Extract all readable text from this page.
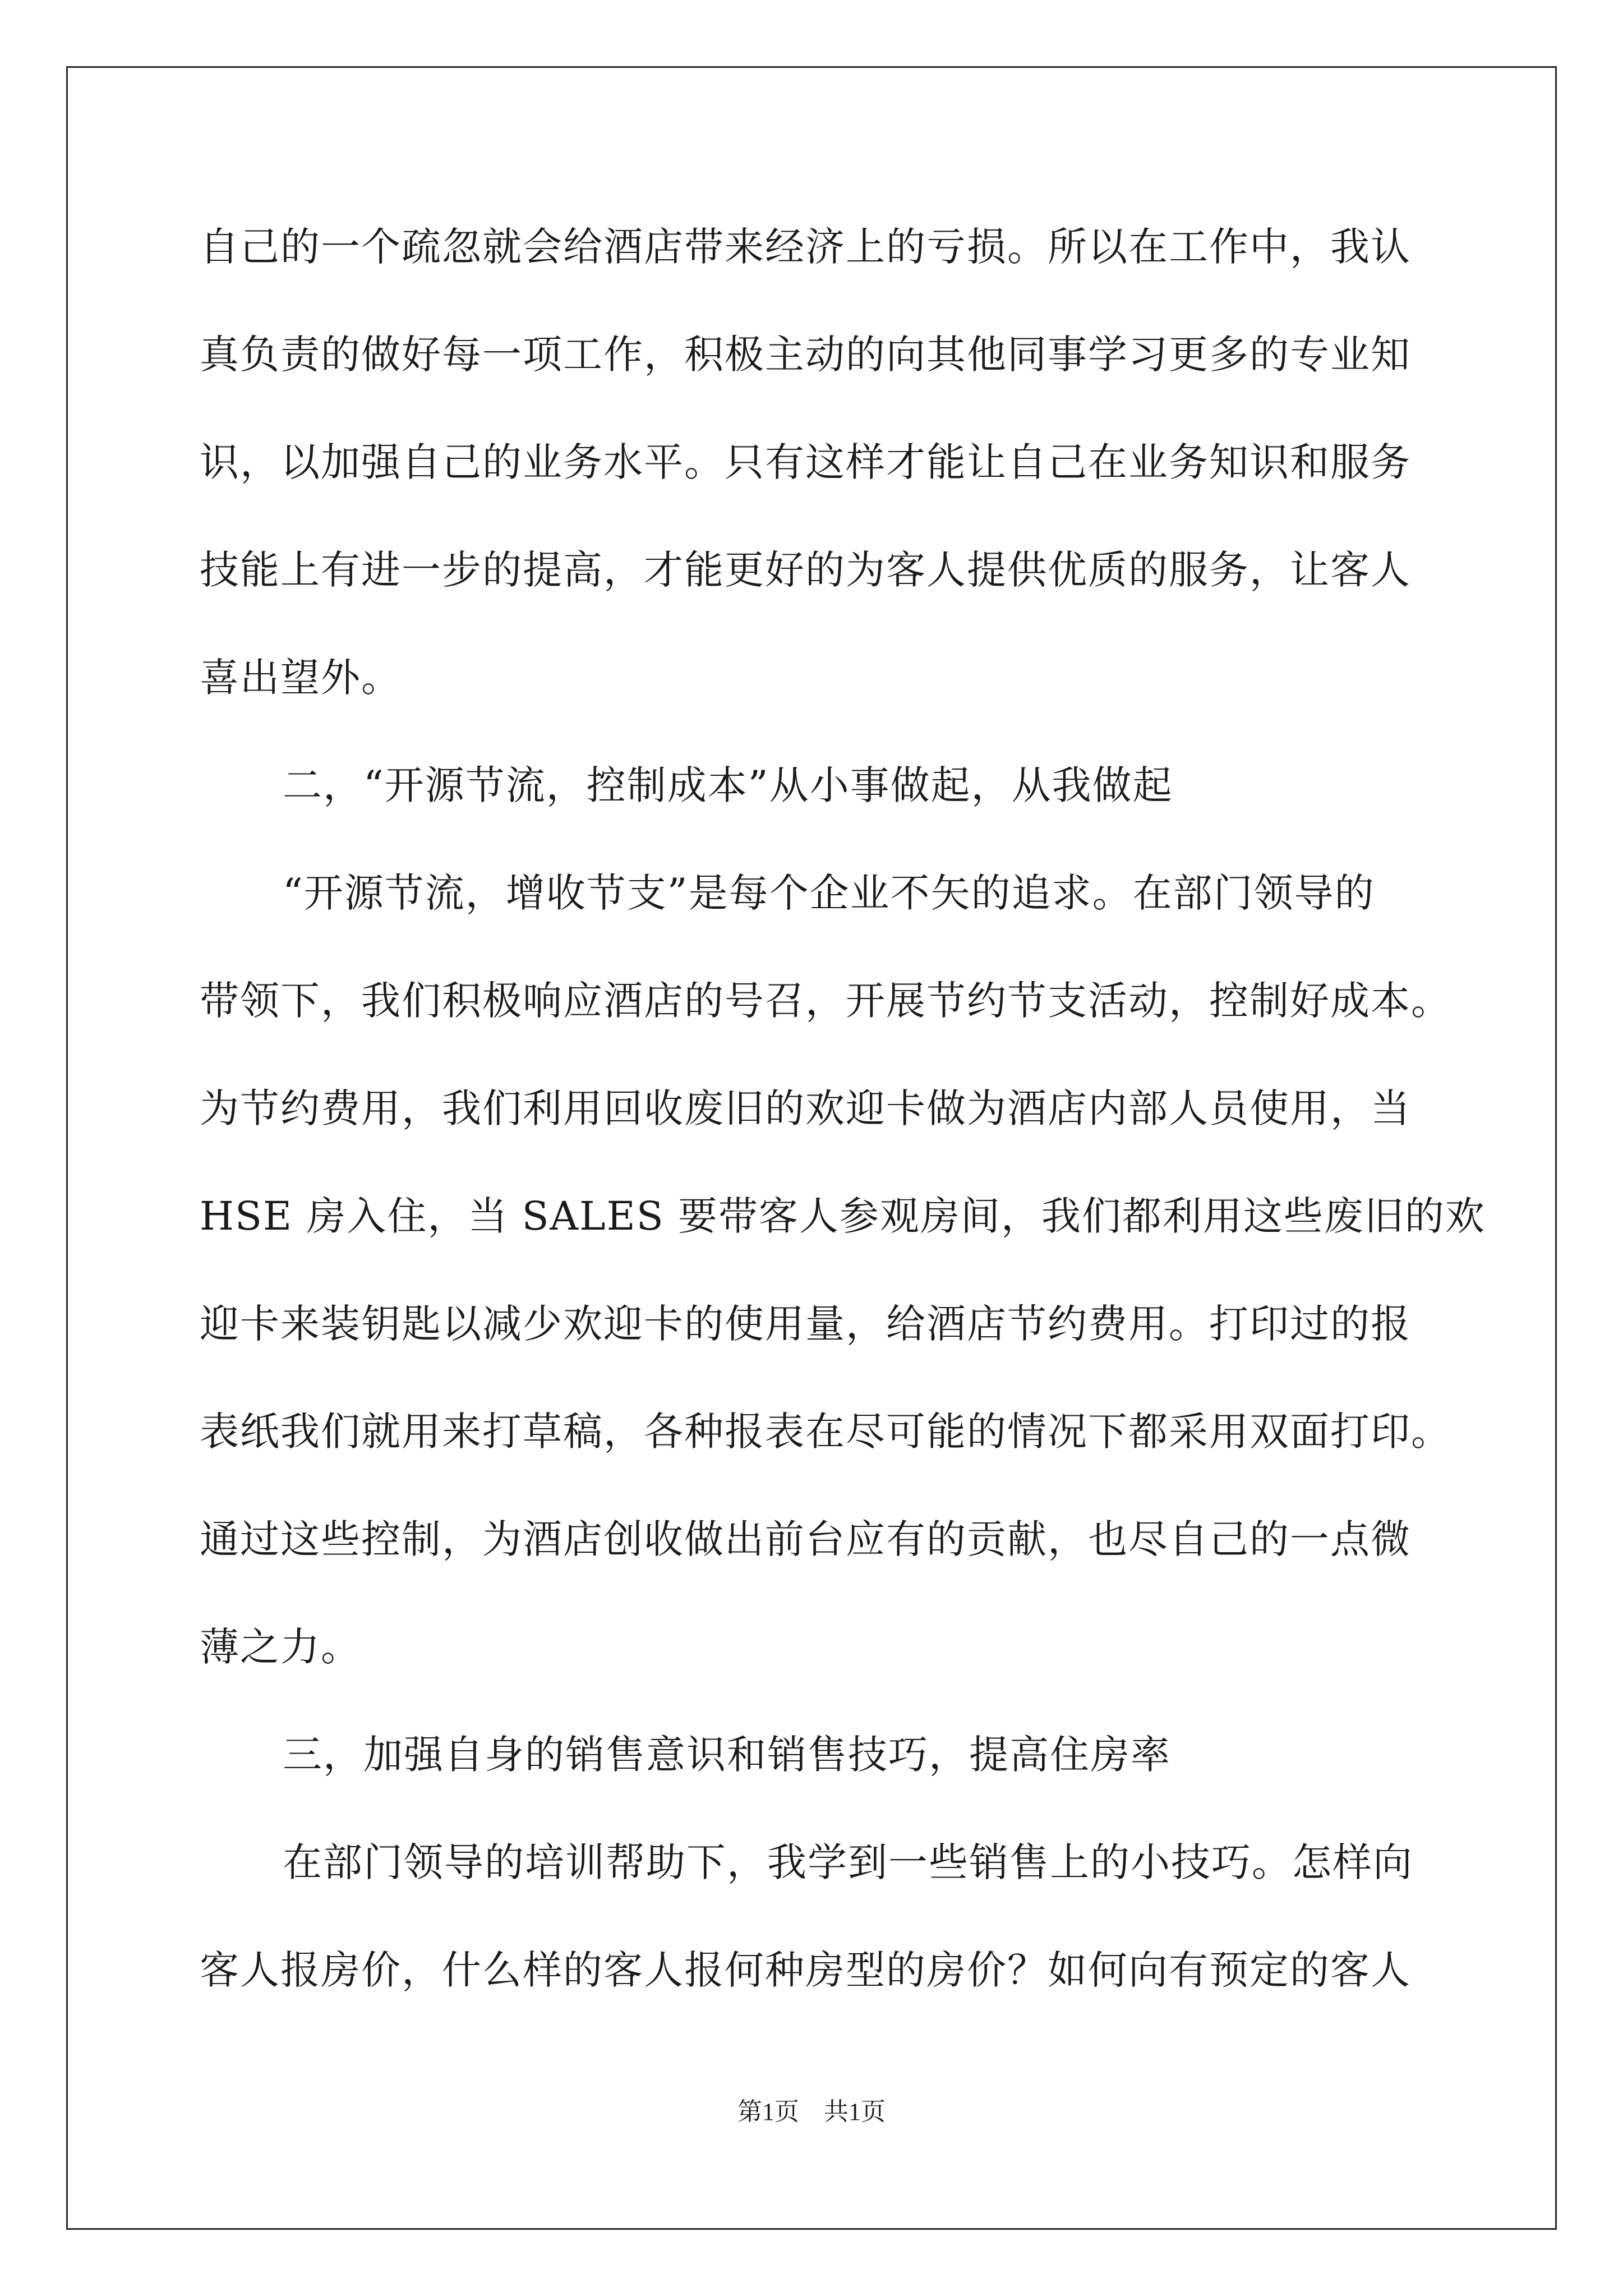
自己的一个疏忽就会给酒店带来经济上的亏损。所以在工作中，我认
真负责的做好每一项工作，积极主动的向其他同事学习更多的专业知
识，以加强自己的业务水平。只有这样才能让自己在业务知识和服务
技能上有进一步的提高，才能更好的为客人提供优质的服务，让客人
喜出望外。
二，“开源节流，控制成本”从小事做起，从我做起
“开源节流，增收节支”是每个企业不矢的追求。在部门领导的
带领下，我们积极响应酒店的号召，开展节约节支活动，控制好成本。
为节约费用，我们利用回收废旧的欢迎卡做为酒店内部人员使用，当
HSE 房入住，当 SALES 要带客人参观房间，我们都利用这些废旧的欢
迎卡来装钥匙以减少欢迎卡的使用量，给酒店节约费用。打印过的报
表纸我们就用来打草稿，各种报表在尽可能的情况下都采用双面打印。
通过这些控制，为酒店创收做出前台应有的贡献，也尽自己的一点微
薄之力。
三，加强自身的销售意识和销售技巧，提高住房率
在部门领导的培训帮助下，我学到一些销售上的小技巧。怎样向
客人报房价，什么样的客人报何种房型的房价？如何向有预定的客人
第1页 共1页
